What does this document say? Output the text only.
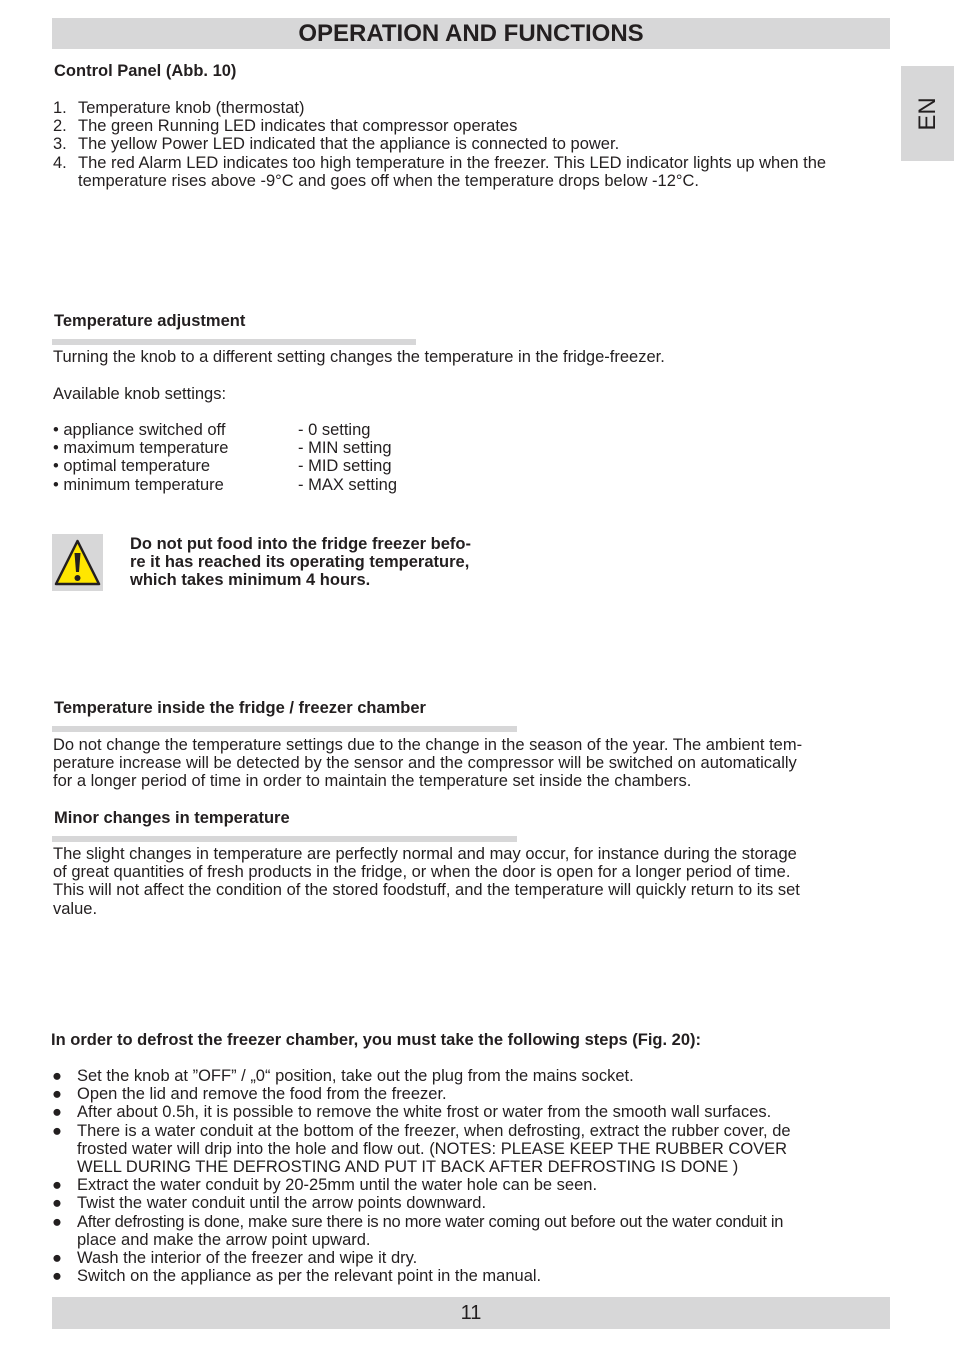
OPERATION AND FUNCTIONS
EN
Control Panel (Abb. 10)
1. Temperature knob (thermostat)
2. The green Running LED indicates that compressor operates
3. The yellow Power LED indicated that the appliance is connected to power.
4. The red Alarm LED indicates too high temperature in the freezer. This LED indicator lights up when the temperature rises above -9°C and goes off when the temperature drops below -12°C.
Temperature adjustment
Turning the knob to a different setting changes the temperature in the fridge-freezer.
Available knob settings:
• appliance switched off	- 0 setting
• maximum temperature	- MIN setting
• optimal temperature	- MID setting
• minimum temperature	- MAX setting
Do not put food into the fridge freezer befo-
re it has reached its operating temperature,
which takes minimum 4 hours.
Temperature inside the fridge / freezer chamber
Do not change the temperature settings due to the change in the season of the year. The ambient tem-
perature increase will be detected by the sensor and the compressor will be switched on automatically
for a longer period of time in order to maintain the temperature set inside the chambers.
Minor changes in temperature
The slight changes in temperature are perfectly normal and may occur, for instance during the storage
of great quantities of fresh products in the fridge, or when the door is open for a longer period of time.
This will not affect the condition of the stored foodstuff, and the temperature will quickly return to its set
value.
In order to defrost the freezer chamber, you must take the following steps (Fig. 20):
● Set the knob at ”OFF” / „0“ position, take out the plug from the mains socket.
● Open the lid and remove the food from the freezer.
● After about 0.5h, it is possible to remove the white frost or water from the smooth wall surfaces.
● There is a water conduit at the bottom of the freezer, when defrosting, extract the rubber cover, de
frosted water will drip into the hole and flow out. (NOTES: PLEASE KEEP THE RUBBER COVER
WELL DURING THE DEFROSTING AND PUT IT BACK AFTER DEFROSTING IS DONE )
● Extract the water conduit by 20-25mm until the water hole can be seen.
● Twist the water conduit until the arrow points downward.
● After defrosting is done, make sure there is no more water coming out before out the water conduit in
place and make the arrow point upward.
● Wash the interior of the freezer and wipe it dry.
● Switch on the appliance as per the relevant point in the manual.
11
